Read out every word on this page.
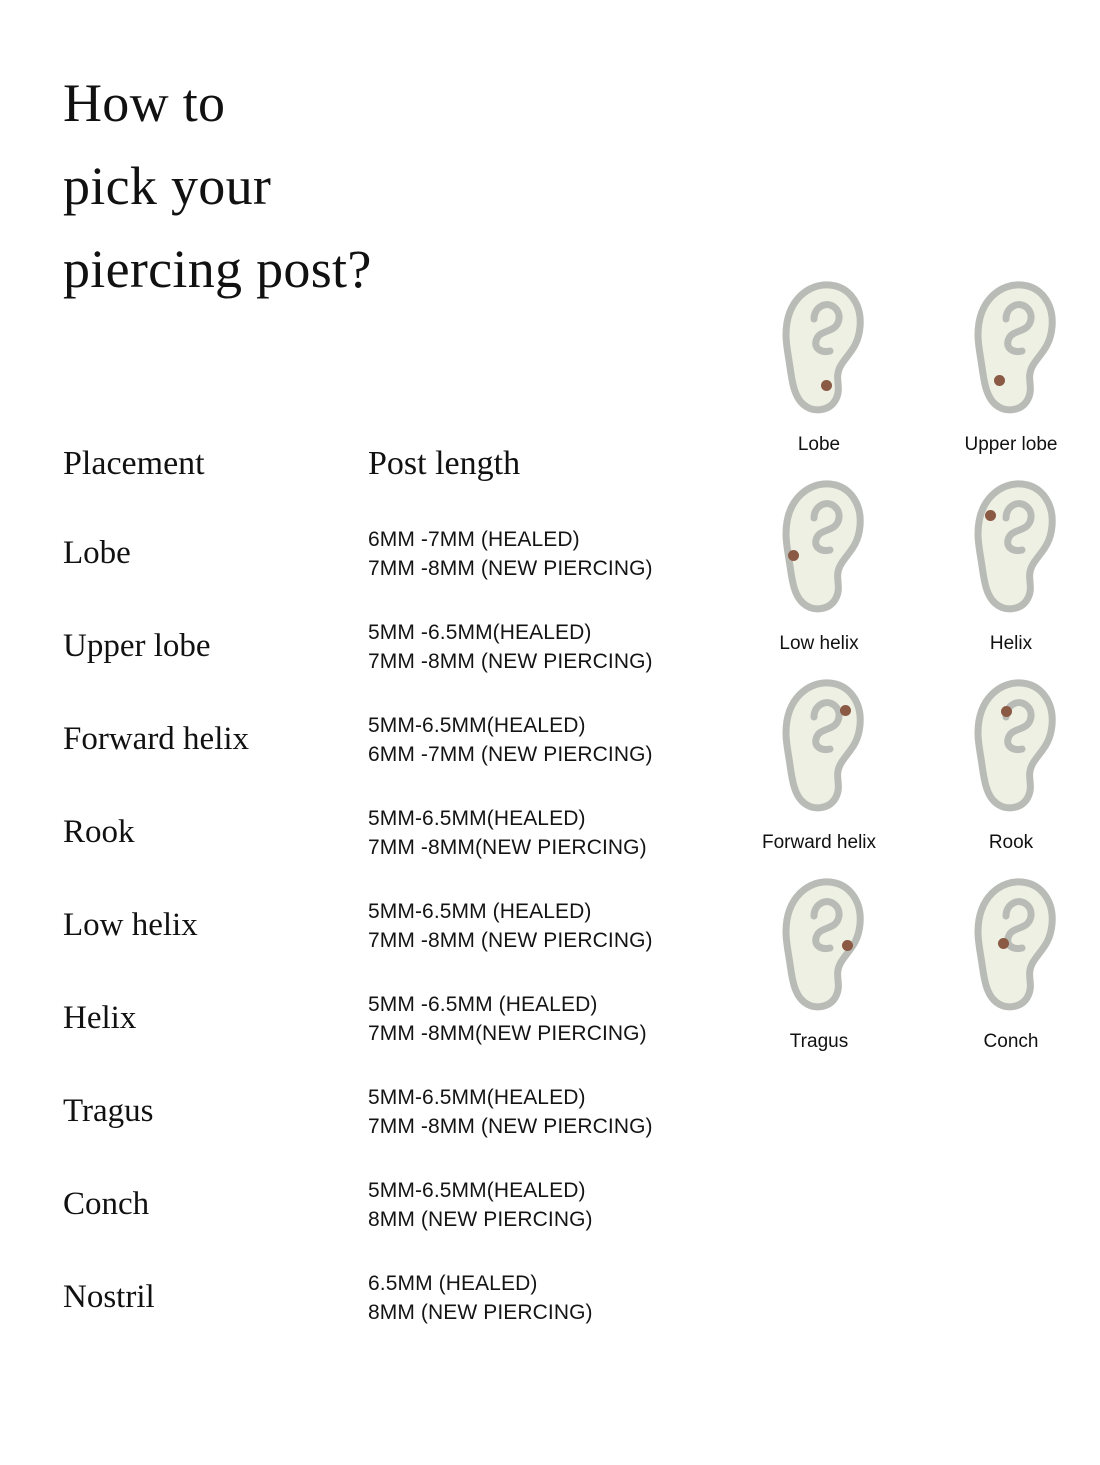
How to
pick your
piercing post?
Placement	Post length
Lobe	6MM -7MM (HEALED)
7MM -8MM (NEW PIERCING)
Upper lobe	5MM -6.5MM(HEALED)
7MM -8MM (NEW PIERCING)
Forward helix	5MM-6.5MM(HEALED)
6MM -7MM (NEW PIERCING)
Rook	5MM-6.5MM(HEALED)
7MM -8MM(NEW PIERCING)
Low helix	5MM-6.5MM (HEALED)
7MM -8MM (NEW PIERCING)
Helix	5MM -6.5MM (HEALED)
7MM -8MM(NEW PIERCING)
Tragus	5MM-6.5MM(HEALED)
7MM -8MM (NEW PIERCING)
Conch	5MM-6.5MM(HEALED)
8MM (NEW PIERCING)
Nostril	6.5MM (HEALED)
8MM (NEW PIERCING)
Lobe	Upper lobe
Low helix	Helix
Forward helix	Rook
Tragus	Conch
